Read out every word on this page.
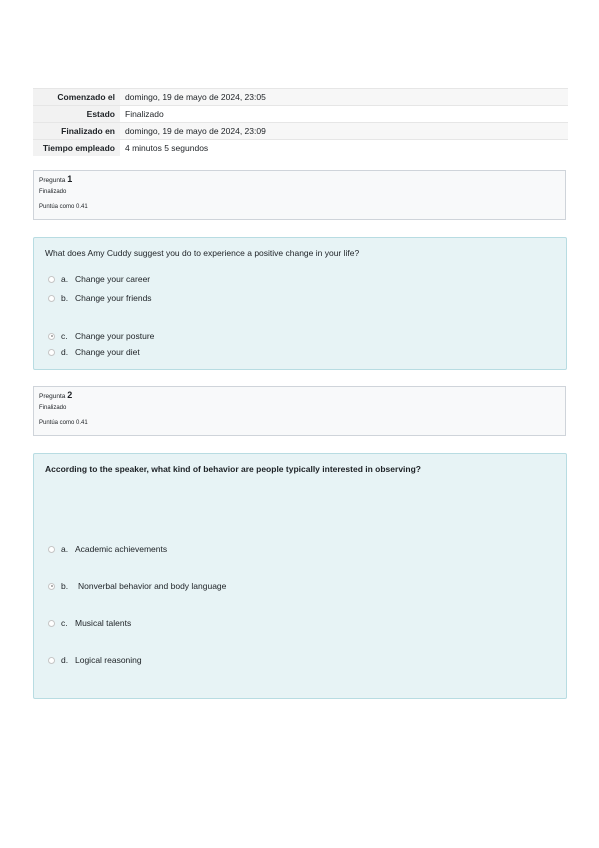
Comenzado el	domingo, 19 de mayo de 2024, 23:05
Estado	Finalizado
Finalizado en	domingo, 19 de mayo de 2024, 23:09
Tiempo empleado	4 minutos 5 segundos
Pregunta 1
Finalizado
Puntúa como 0.41
What does Amy Cuddy suggest you do to experience a positive change in your life?
a. Change your career
b. Change your friends
c. Change your posture
d. Change your diet
Pregunta 2
Finalizado
Puntúa como 0.41
According to the speaker, what kind of behavior are people typically interested in observing?
a. Academic achievements
b.	Nonverbal behavior and body language
c. Musical talents
d. Logical reasoning
